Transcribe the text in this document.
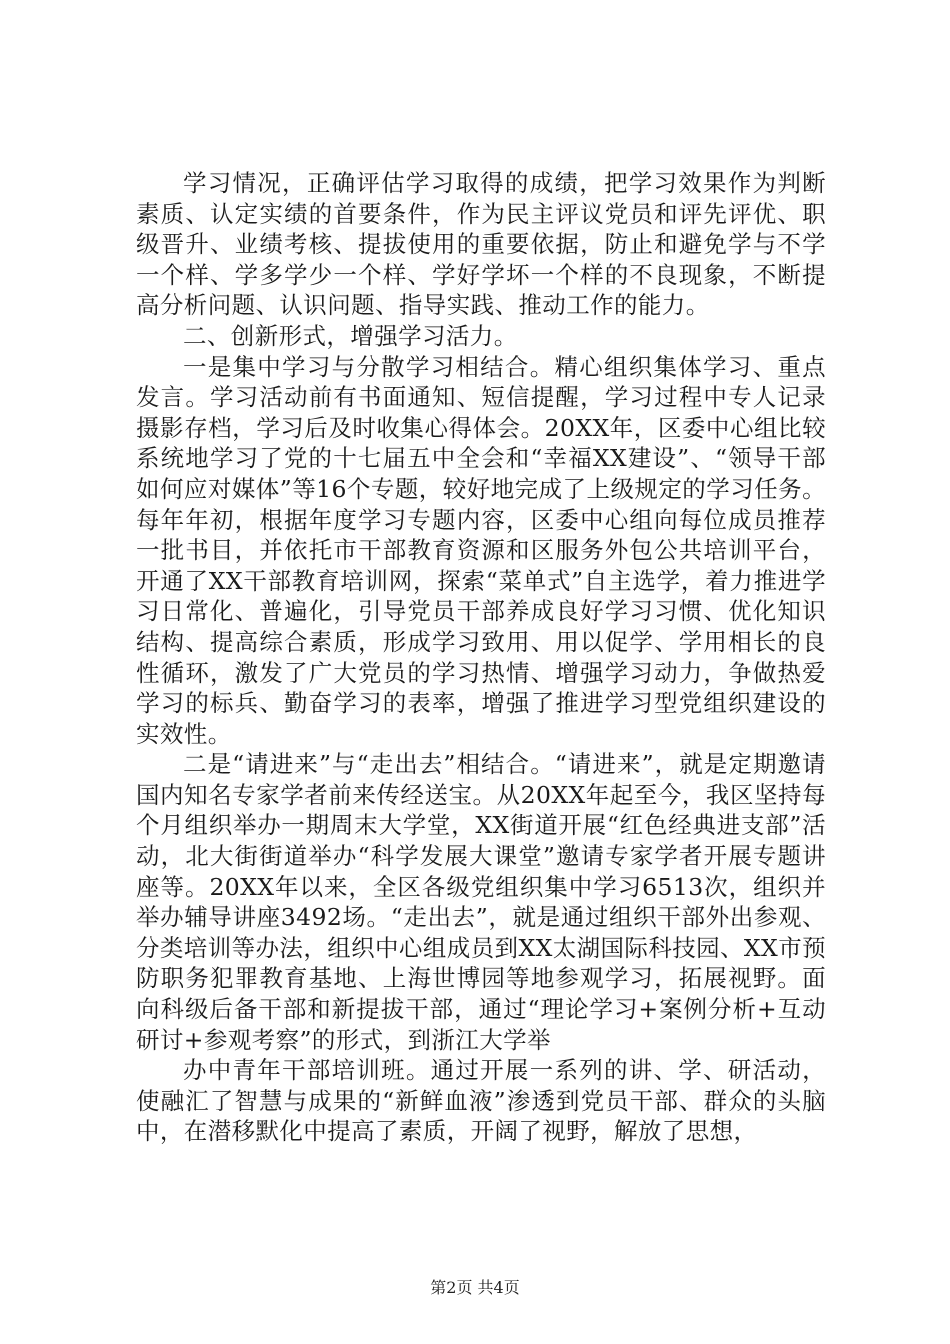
学习情况，正确评估学习取得的成绩，把学习效果作为判断素质、认定实绩的首要条件，作为民主评议党员和评先评优、职级晋升、业绩考核、提拔使用的重要依据，防止和避免学与不学一个样、学多学少一个样、学好学坏一个样的不良现象，不断提高分析问题、认识问题、指导实践、推动工作的能力。

二、创新形式，增强学习活力。

一是集中学习与分散学习相结合。精心组织集体学习、重点发言。学习活动前有书面通知、短信提醒，学习过程中专人记录摄影存档，学习后及时收集心得体会。20XX年，区委中心组比较系统地学习了党的十七届五中全会和“幸福XX建设”、“领导干部如何应对媒体”等16个专题，较好地完成了上级规定的学习任务。每年年初，根据年度学习专题内容，区委中心组向每位成员推荐一批书目，并依托市干部教育资源和区服务外包公共培训平台，开通了XX干部教育培训网，探索“菜单式”自主选学，着力推进学习日常化、普遍化，引导党员干部养成良好学习习惯、优化知识结构、提高综合素质，形成学习致用、用以促学、学用相长的良性循环，激发了广大党员的学习热情、增强学习动力，争做热爱学习的标兵、勤奋学习的表率，增强了推进学习型党组织建设的实效性。

二是“请进来”与“走出去”相结合。“请进来”，就是定期邀请国内知名专家学者前来传经送宝。从20XX年起至今，我区坚持每个月组织举办一期周末大学堂，XX街道开展“红色经典进支部”活动，北大街街道举办“科学发展大课堂”邀请专家学者开展专题讲座等。20XX年以来，全区各级党组织集中学习6513次，组织并举办辅导讲座3492场。“走出去”，就是通过组织干部外出参观、分类培训等办法，组织中心组成员到XX太湖国际科技园、XX市预防职务犯罪教育基地、上海世博园等地参观学习，拓展视野。面向科级后备干部和新提拔干部，通过“理论学习+案例分析+互动研讨+参观考察”的形式，到浙江大学举

办中青年干部培训班。通过开展一系列的讲、学、研活动，使融汇了智慧与成果的“新鲜血液”渗透到党员干部、群众的头脑中，在潜移默化中提高了素质，开阔了视野，解放了思想，

第2页 共4页
